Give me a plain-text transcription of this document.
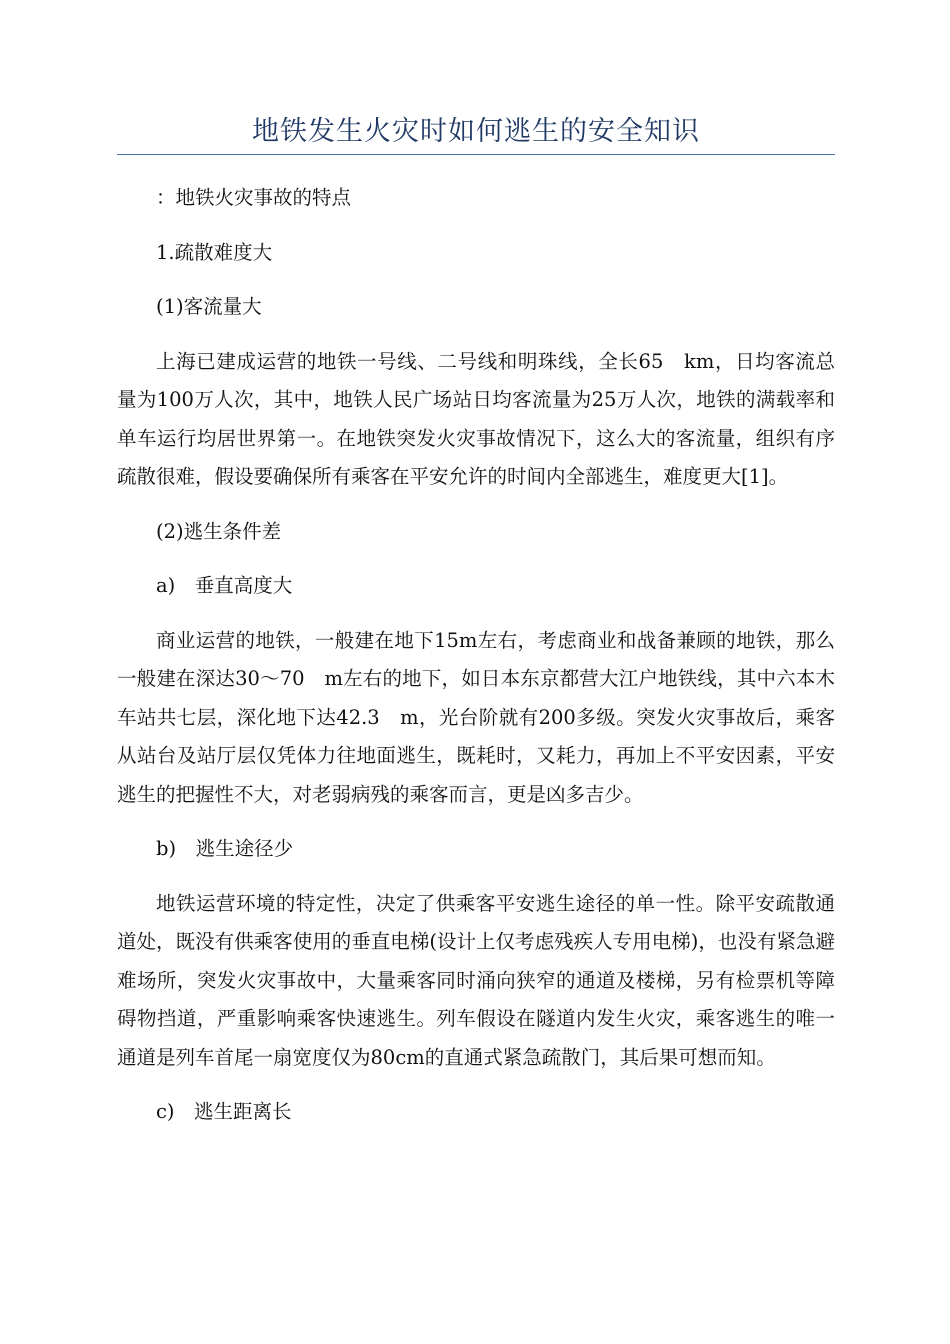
地铁发生火灾时如何逃生的安全知识

：地铁火灾事故的特点

1.疏散难度大

(1)客流量大

上海已建成运营的地铁一号线、二号线和明珠线，全长65　km，日均客流总量为100万人次，其中，地铁人民广场站日均客流量为25万人次，地铁的满载率和单车运行均居世界第一。在地铁突发火灾事故情况下，这么大的客流量，组织有序疏散很难，假设要确保所有乘客在平安允许的时间内全部逃生，难度更大[1]。

(2)逃生条件差

a)　垂直高度大

商业运营的地铁，一般建在地下15m左右，考虑商业和战备兼顾的地铁，那么一般建在深达30～70　m左右的地下，如日本东京都营大江户地铁线，其中六本木车站共七层，深化地下达42.3　m，光台阶就有200多级。突发火灾事故后，乘客从站台及站厅层仅凭体力往地面逃生，既耗时，又耗力，再加上不平安因素，平安逃生的把握性不大，对老弱病残的乘客而言，更是凶多吉少。

b)　逃生途径少

地铁运营环境的特定性，决定了供乘客平安逃生途径的单一性。除平安疏散通道处，既没有供乘客使用的垂直电梯(设计上仅考虑残疾人专用电梯)，也没有紧急避难场所，突发火灾事故中，大量乘客同时涌向狭窄的通道及楼梯，另有检票机等障碍物挡道，严重影响乘客快速逃生。列车假设在隧道内发生火灾，乘客逃生的唯一通道是列车首尾一扇宽度仅为80cm的直通式紧急疏散门，其后果可想而知。

c)　逃生距离长
